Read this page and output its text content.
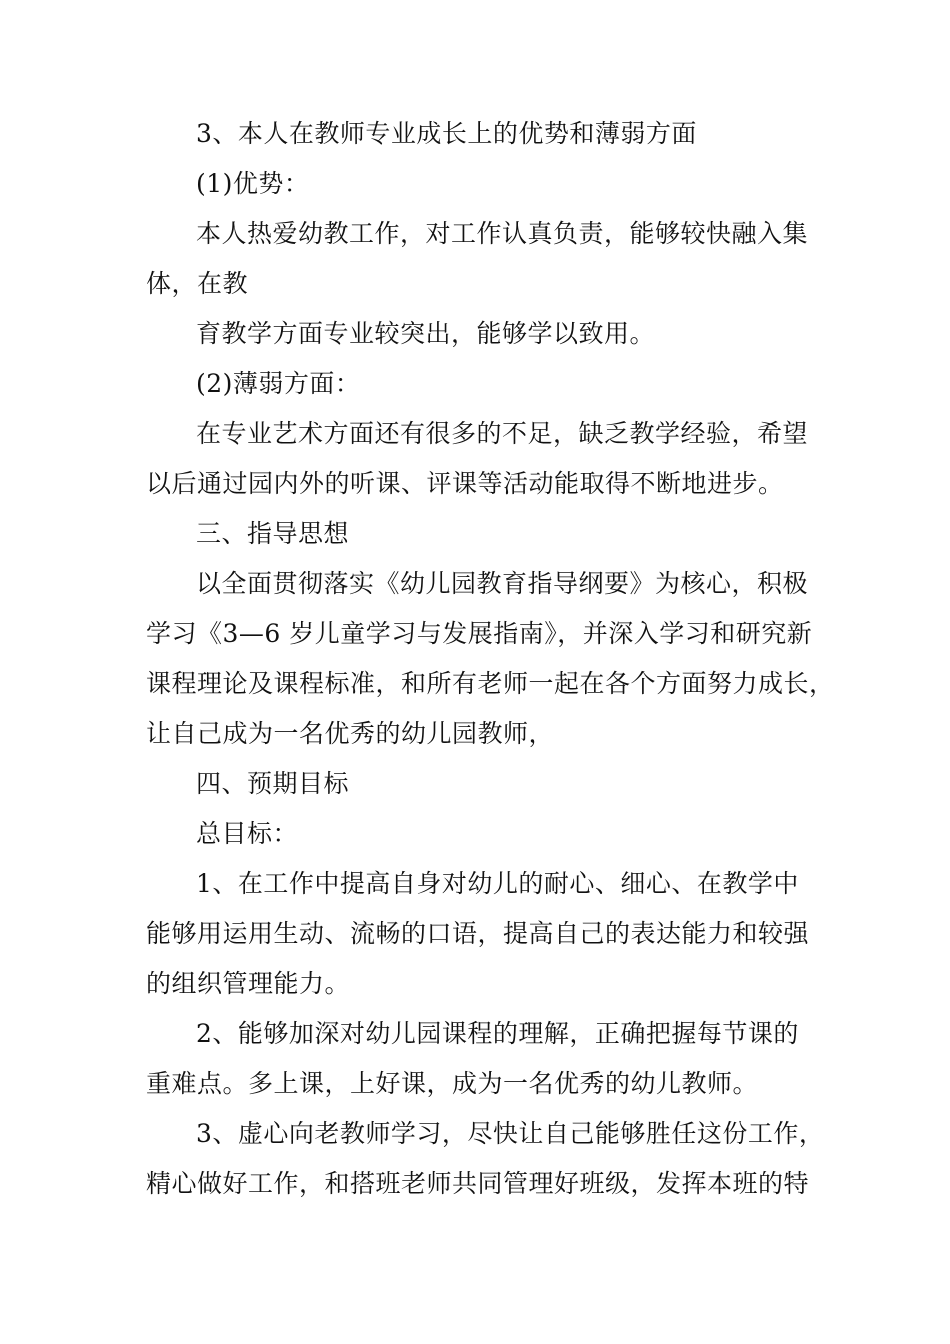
3、本人在教师专业成长上的优势和薄弱方面
(1)优势：
本人热爱幼教工作，对工作认真负责，能够较快融入集
体，在教
育教学方面专业较突出，能够学以致用。
(2)薄弱方面：
在专业艺术方面还有很多的不足，缺乏教学经验，希望
以后通过园内外的听课、评课等活动能取得不断地进步。
三、指导思想
以全面贯彻落实《幼儿园教育指导纲要》为核心，积极
学习《3—6 岁儿童学习与发展指南》，并深入学习和研究新
课程理论及课程标准，和所有老师一起在各个方面努力成长，
让自己成为一名优秀的幼儿园教师，
四、预期目标
总目标：
1、在工作中提高自身对幼儿的耐心、细心、在教学中
能够用运用生动、流畅的口语，提高自己的表达能力和较强
的组织管理能力。
2、能够加深对幼儿园课程的理解，正确把握每节课的
重难点。多上课，上好课，成为一名优秀的幼儿教师。
3、虚心向老教师学习，尽快让自己能够胜任这份工作，
精心做好工作，和搭班老师共同管理好班级，发挥本班的特
